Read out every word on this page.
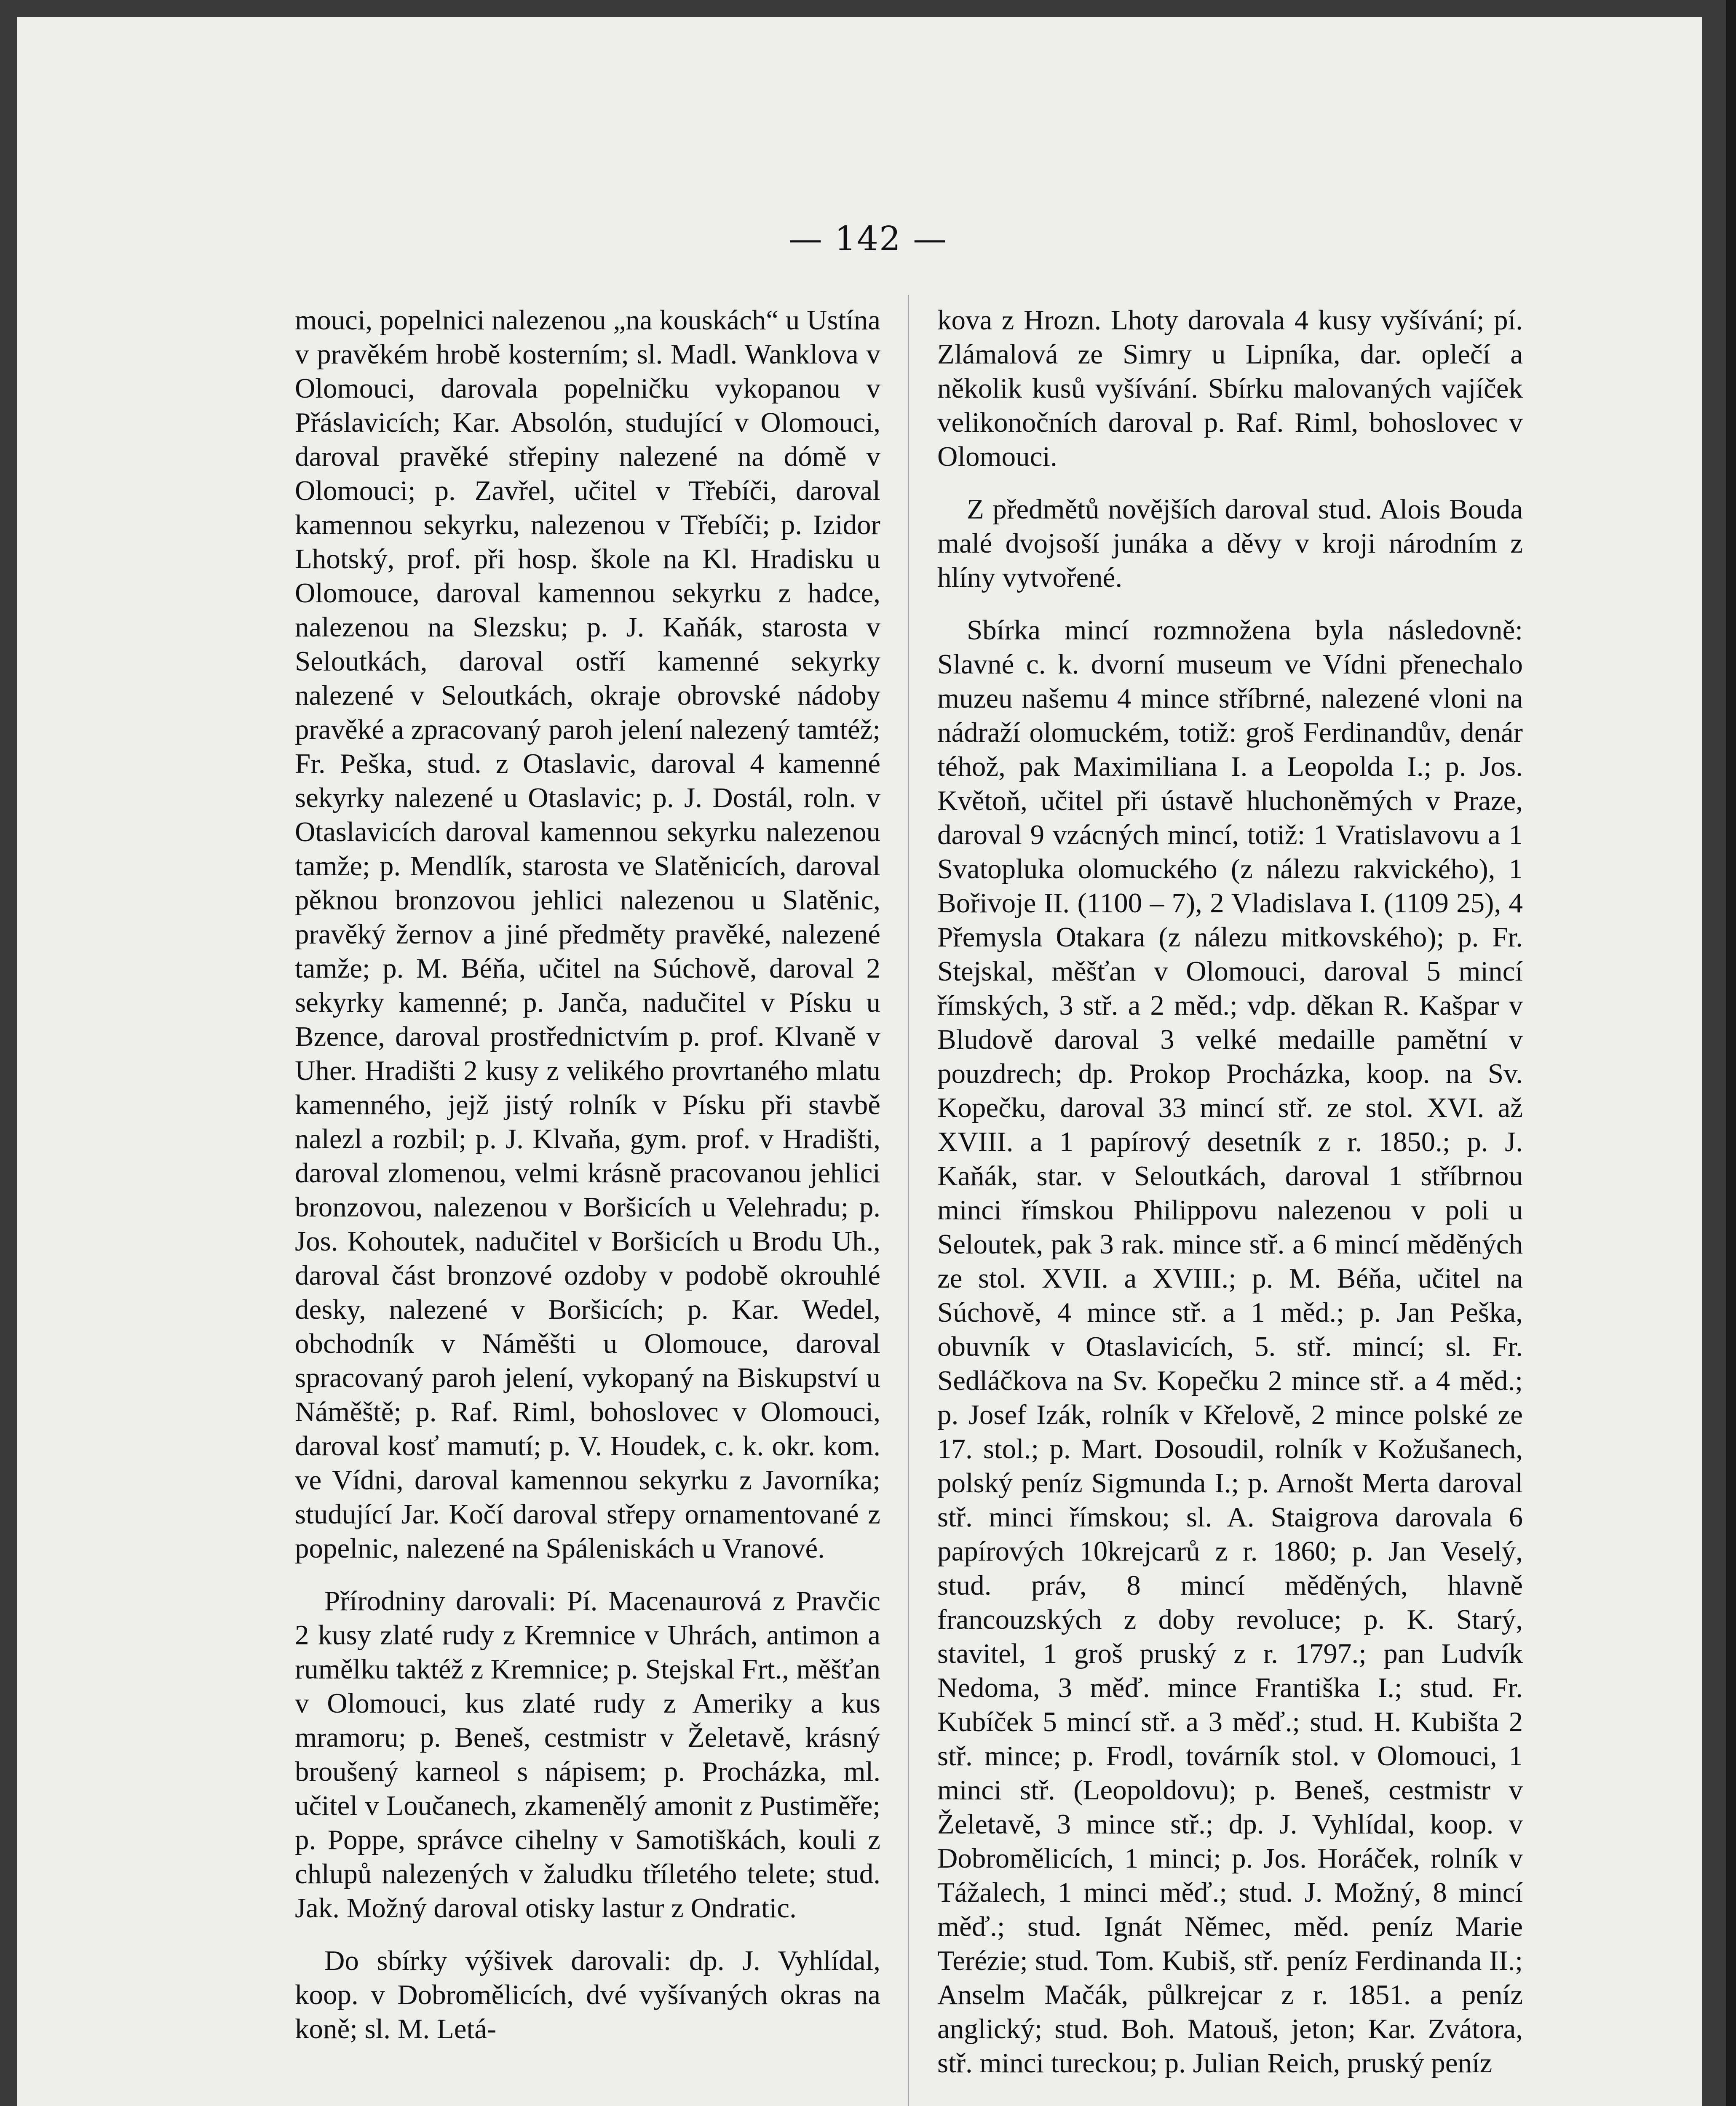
— 142 —

mouci, popelnici nalezenou „na kouskách“ u Ustína v pravěkém hrobě kosterním; sl. Madl. Wanklova v Olomouci, darovala popelničku vykopanou v Přáslavicích; Kar. Absolón, studující v Olomouci, daroval pravěké střepiny nalezené na dómě v Olomouci; p. Zavřel, učitel v Třebíči, daroval kamennou sekyrku, nalezenou v Třebíči; p. Izidor Lhotský, prof. při hosp. škole na Kl. Hradisku u Olomouce, daroval kamennou sekyrku z hadce, nalezenou na Slezsku; p. J. Kaňák, starosta v Seloutkách, daroval ostří kamenné sekyrky nalezené v Seloutkách, okraje obrovské nádoby pravěké a zpracovaný paroh jelení nalezený tamtéž; Fr. Peška, stud. z Otaslavic, daroval 4 kamenné sekyrky nalezené u Otaslavic; p. J. Dostál, roln. v Otaslavicích daroval kamennou sekyrku nalezenou tamže; p. Mendlík, starosta ve Slatěnicích, daroval pěknou bronzovou jehlici nalezenou u Slatěnic, pravěký žernov a jiné předměty pravěké, nalezené tamže; p. M. Béňa, učitel na Súchově, daroval 2 sekyrky kamenné; p. Janča, nadučitel v Písku u Bzence, daroval prostřednictvím p. prof. Klvaně v Uher. Hradišti 2 kusy z velikého provrtaného mlatu kamenného, jejž jistý rolník v Písku při stavbě nalezl a rozbil; p. J. Klvaňa, gym. prof. v Hradišti, daroval zlomenou, velmi krásně pracovanou jehlici bronzovou, nalezenou v Boršicích u Velehradu; p. Jos. Kohoutek, nadučitel v Boršicích u Brodu Uh., daroval část bronzové ozdoby v podobě okrouhlé desky, nalezené v Boršicích; p. Kar. Wedel, obchodník v Náměšti u Olomouce, daroval spracovaný paroh jelení, vykopaný na Biskupství u Náměště; p. Raf. Riml, bohoslovec v Olomouci, daroval kosť mamutí; p. V. Houdek, c. k. okr. kom. ve Vídni, daroval kamennou sekyrku z Javorníka; studující Jar. Kočí daroval střepy ornamentované z popelnic, nalezené na Spáleniskách u Vranové.

Přírodniny darovali: Pí. Macenaurová z Pravčic 2 kusy zlaté rudy z Kremnice v Uhrách, antimon a rumělku taktéž z Kremnice; p. Stejskal Frt., měšťan v Olomouci, kus zlaté rudy z Ameriky a kus mramoru; p. Beneš, cestmistr v Želetavě, krásný broušený karneol s nápisem; p. Procházka, ml. učitel v Loučanech, zkamenělý amonit z Pustiměře; p. Poppe, správce cihelny v Samotiškách, kouli z chlupů nalezených v žaludku tříletého telete; stud. Jak. Možný daroval otisky lastur z Ondratic.

Do sbírky výšivek darovali: dp. J. Vyhlídal, koop. v Dobromělicích, dvé vyšívaných okras na koně; sl. M. Letá-

kova z Hrozn. Lhoty darovala 4 kusy vyšívání; pí. Zlámalová ze Simry u Lipníka, dar. oplečí a několik kusů vyšívání. Sbírku malovaných vajíček velikonočních daroval p. Raf. Riml, bohoslovec v Olomouci.

Z předmětů novějších daroval stud. Alois Bouda malé dvojsoší junáka a děvy v kroji národním z hlíny vytvořené.

Sbírka mincí rozmnožena byla následovně: Slavné c. k. dvorní museum ve Vídni přenechalo muzeu našemu 4 mince stříbrné, nalezené vloni na nádraží olomuckém, totiž: groš Ferdinandův, denár téhož, pak Maximiliana I. a Leopolda I.; p. Jos. Květoň, učitel při ústavě hluchoněmých v Praze, daroval 9 vzácných mincí, totiž: 1 Vratislavovu a 1 Svatopluka olomuckého (z nálezu rakvického), 1 Bořivoje II. (1100 – 7), 2 Vladislava I. (1109 25), 4 Přemysla Otakara (z nálezu mitkovského); p. Fr. Stejskal, měšťan v Olomouci, daroval 5 mincí římských, 3 stř. a 2 měd.; vdp. děkan R. Kašpar v Bludově daroval 3 velké medaille pamětní v pouzdrech; dp. Prokop Procházka, koop. na Sv. Kopečku, daroval 33 mincí stř. ze stol. XVI. až XVIII. a 1 papírový desetník z r. 1850.; p. J. Kaňák, star. v Seloutkách, daroval 1 stříbrnou minci římskou Philippovu nalezenou v poli u Seloutek, pak 3 rak. mince stř. a 6 mincí měděných ze stol. XVII. a XVIII.; p. M. Béňa, učitel na Súchově, 4 mince stř. a 1 měd.; p. Jan Peška, obuvník v Otaslavicích, 5. stř. mincí; sl. Fr. Sedláčkova na Sv. Kopečku 2 mince stř. a 4 měd.; p. Josef Izák, rolník v Křelově, 2 mince polské ze 17. stol.; p. Mart. Dosoudil, rolník v Kožušanech, polský peníz Sigmunda I.; p. Arnošt Merta daroval stř. minci římskou; sl. A. Staigrova darovala 6 papírových 10krejcarů z r. 1860; p. Jan Veselý, stud. práv, 8 mincí měděných, hlavně francouzských z doby revoluce; p. K. Starý, stavitel, 1 groš pruský z r. 1797.; pan Ludvík Nedoma, 3 měď. mince Františka I.; stud. Fr. Kubíček 5 mincí stř. a 3 měď.; stud. H. Kubišta 2 stř. mince; p. Frodl, továrník stol. v Olomouci, 1 minci stř. (Leopoldovu); p. Beneš, cestmistr v Želetavě, 3 mince stř.; dp. J. Vyhlídal, koop. v Dobromělicích, 1 minci; p. Jos. Horáček, rolník v Tážalech, 1 minci měď.; stud. J. Možný, 8 mincí měď.; stud. Ignát Němec, měd. peníz Marie Terézie; stud. Tom. Kubiš, stř. peníz Ferdinanda II.; Anselm Mačák, půlkrejcar z r. 1851. a peníz anglický; stud. Boh. Matouš, jeton; Kar. Zvátora, stř. minci tureckou; p. Julian Reich, pruský peníz
